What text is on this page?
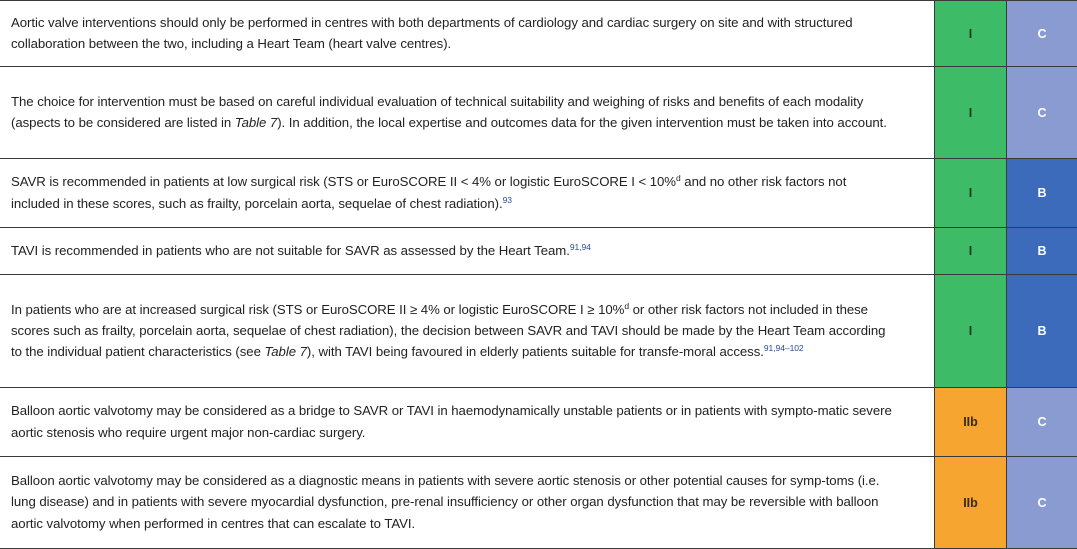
Aortic valve interventions should only be performed in centres with both departments of cardiology and cardiac surgery on site and with structured collaboration between the two, including a Heart Team (heart valve centres).	I	C
The choice for intervention must be based on careful individual evaluation of technical suitability and weighing of risks and benefits of each modality (aspects to be considered are listed in Table 7). In addition, the local expertise and outcomes data for the given intervention must be taken into account.	I	C
SAVR is recommended in patients at low surgical risk (STS or EuroSCORE II < 4% or logistic EuroSCORE I < 10%$^d$ and no other risk factors not included in these scores, such as frailty, porcelain aorta, sequelae of chest radiation).$^{93}$	I	B
TAVI is recommended in patients who are not suitable for SAVR as assessed by the Heart Team.$^{91,94}$	I	B
In patients who are at increased surgical risk (STS or EuroSCORE II ≥ 4% or logistic EuroSCORE I ≥ 10%$^d$ or other risk factors not included in these scores such as frailty, porcelain aorta, sequelae of chest radiation), the decision between SAVR and TAVI should be made by the Heart Team according to the individual patient characteristics (see Table 7), with TAVI being favoured in elderly patients suitable for transfe-moral access.$^{91,94-102}$	I	B
Balloon aortic valvotomy may be considered as a bridge to SAVR or TAVI in haemodynamically unstable patients or in patients with sympto-matic severe aortic stenosis who require urgent major non-cardiac surgery.	IIb	C
Balloon aortic valvotomy may be considered as a diagnostic means in patients with severe aortic stenosis or other potential causes for symp-toms (i.e. lung disease) and in patients with severe myocardial dysfunction, pre-renal insufficiency or other organ dysfunction that may be reversible with balloon aortic valvotomy when performed in centres that can escalate to TAVI.	IIb	C
